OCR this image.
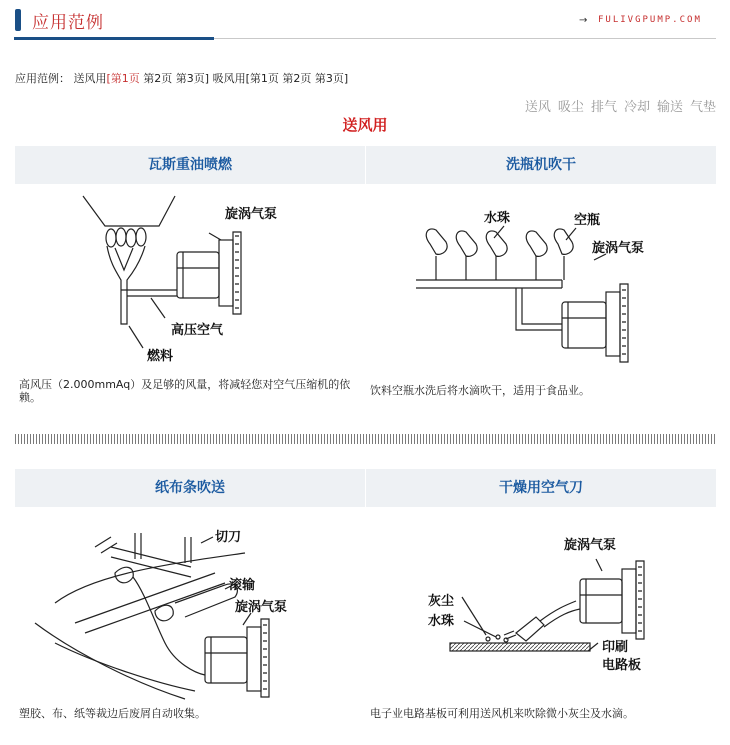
应用范例	→ FULIVGPUMP.COM
应用范例： 送风用[第1页 第2页 第3页] 吸风用[第1页 第2页 第3页]
送风 吸尘 排气 冷却 输送 气垫
送风用
瓦斯重油喷燃
旋涡气泵
高压空气
燃料
高风压（2.000mmAq）及足够的风量，将减轻您对空气压缩机的依赖。
洗瓶机吹干
水珠	空瓶
旋涡气泵
饮料空瓶水洗后将水滴吹干，适用于食品业。
纸布条吹送
切刀
滚输
旋涡气泵
塑胶、布、纸等裁边后废屑自动收集。
干燥用空气刀
旋涡气泵
灰尘
水珠
印刷
电路板
电子业电路基板可利用送风机来吹除微小灰尘及水滴。
